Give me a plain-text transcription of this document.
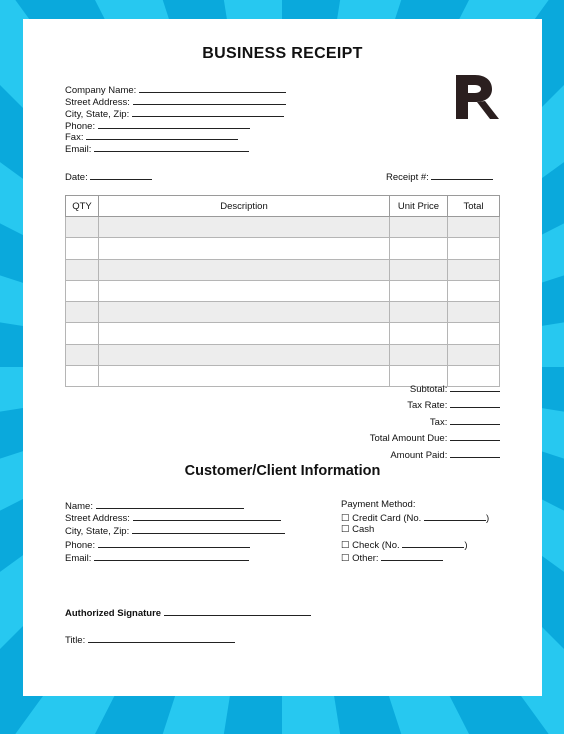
BUSINESS RECEIPT
Company Name:
Street Address:
City, State, Zip:
Phone:
Fax:
Email:
Date:	Receipt #:
QTY	Description	Unit Price	Total

Subtotal:
Tax Rate:
Tax:
Total Amount Due:
Amount Paid:
Customer/Client Information
Name:
Street Address:
City, State, Zip:
Phone:
Email:
Payment Method:
☐ Credit Card (No.	)
☐ Cash
☐ Check (No.	)
☐ Other:
Authorized Signature
Title:
